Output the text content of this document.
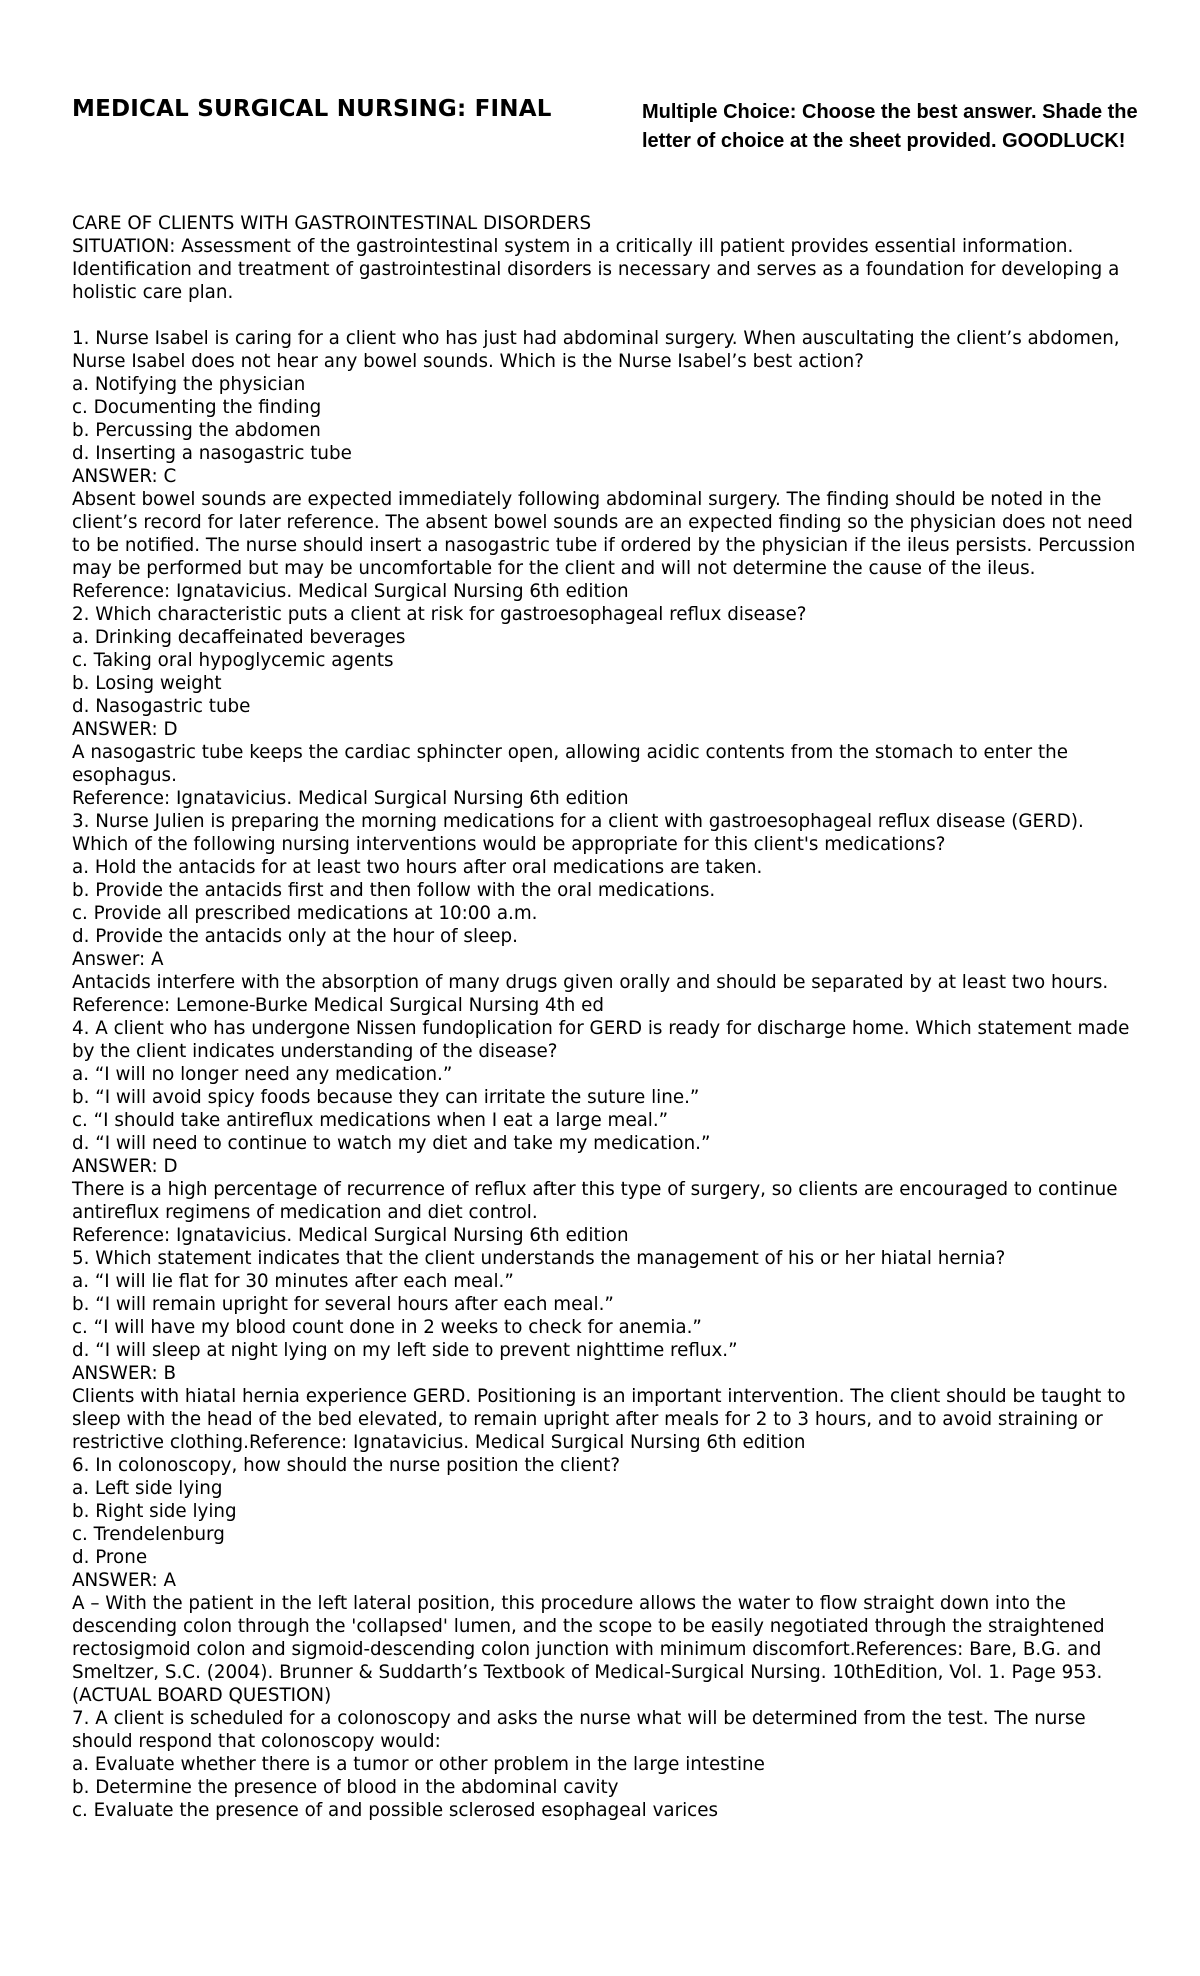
MEDICAL SURGICAL NURSING: FINAL	Multiple Choice: Choose the best answer. Shade the letter of choice at the sheet provided. GOODLUCK!

CARE OF CLIENTS WITH GASTROINTESTINAL DISORDERS

SITUATION: Assessment of the gastrointestinal system in a critically ill patient provides essential information. Identification and treatment of gastrointestinal disorders is necessary and serves as a foundation for developing a holistic care plan.

1. Nurse Isabel is caring for a client who has just had abdominal surgery. When auscultating the client’s abdomen, Nurse Isabel does not hear any bowel sounds. Which is the Nurse Isabel’s best action?

a. Notifying the physician

c. Documenting the finding

b. Percussing the abdomen

d. Inserting a nasogastric tube

ANSWER: C

Absent bowel sounds are expected immediately following abdominal surgery. The finding should be noted in the client’s record for later reference. The absent bowel sounds are an expected finding so the physician does not need to be notified. The nurse should insert a nasogastric tube if ordered by the physician if the ileus persists. Percussion may be performed but may be uncomfortable for the client and will not determine the cause of the ileus.

Reference: Ignatavicius. Medical Surgical Nursing 6th edition

2. Which characteristic puts a client at risk for gastroesophageal reflux disease?

a. Drinking decaffeinated beverages

c. Taking oral hypoglycemic agents

b. Losing weight

d. Nasogastric tube

ANSWER: D

A nasogastric tube keeps the cardiac sphincter open, allowing acidic contents from the stomach to enter the esophagus.

Reference: Ignatavicius. Medical Surgical Nursing 6th edition

3. Nurse Julien is preparing the morning medications for a client with gastroesophageal reflux disease (GERD). Which of the following nursing interventions would be appropriate for this client's medications?

a. Hold the antacids for at least two hours after oral medications are taken.

b. Provide the antacids first and then follow with the oral medications.

c. Provide all prescribed medications at 10:00 a.m.

d. Provide the antacids only at the hour of sleep.

Answer: A

Antacids interfere with the absorption of many drugs given orally and should be separated by at least two hours.

Reference: Lemone-Burke Medical Surgical Nursing 4th ed

4. A client who has undergone Nissen fundoplication for GERD is ready for discharge home. Which statement made by the client indicates understanding of the disease?

a. “I will no longer need any medication.”

b. “I will avoid spicy foods because they can irritate the suture line.”

c. “I should take antireflux medications when I eat a large meal.”

d. “I will need to continue to watch my diet and take my medication.”

ANSWER: D

There is a high percentage of recurrence of reflux after this type of surgery, so clients are encouraged to continue antireflux regimens of medication and diet control.

Reference: Ignatavicius. Medical Surgical Nursing 6th edition

5. Which statement indicates that the client understands the management of his or her hiatal hernia?

a. “I will lie flat for 30 minutes after each meal.”

b. “I will remain upright for several hours after each meal.”

c. “I will have my blood count done in 2 weeks to check for anemia.”

d. “I will sleep at night lying on my left side to prevent nighttime reflux.”

ANSWER: B

Clients with hiatal hernia experience GERD. Positioning is an important intervention. The client should be taught to sleep with the head of the bed elevated, to remain upright after meals for 2 to 3 hours, and to avoid straining or restrictive clothing.Reference: Ignatavicius. Medical Surgical Nursing 6th edition

6. In colonoscopy, how should the nurse position the client?

a. Left side lying

b. Right side lying

c. Trendelenburg

d. Prone

ANSWER: A

A – With the patient in the left lateral position, this procedure allows the water to flow straight down into the descending colon through the 'collapsed' lumen, and the scope to be easily negotiated through the straightened rectosigmoid colon and sigmoid-descending colon junction with minimum discomfort.References: Bare, B.G. and Smeltzer, S.C. (2004). Brunner & Suddarth’s Textbook of Medical-Surgical Nursing. 10thEdition, Vol. 1. Page 953.

(ACTUAL BOARD QUESTION)

7. A client is scheduled for a colonoscopy and asks the nurse what will be determined from the test. The nurse should respond that colonoscopy would:

a. Evaluate whether there is a tumor or other problem in the large intestine

b. Determine the presence of blood in the abdominal cavity

c. Evaluate the presence of and possible sclerosed esophageal varices
